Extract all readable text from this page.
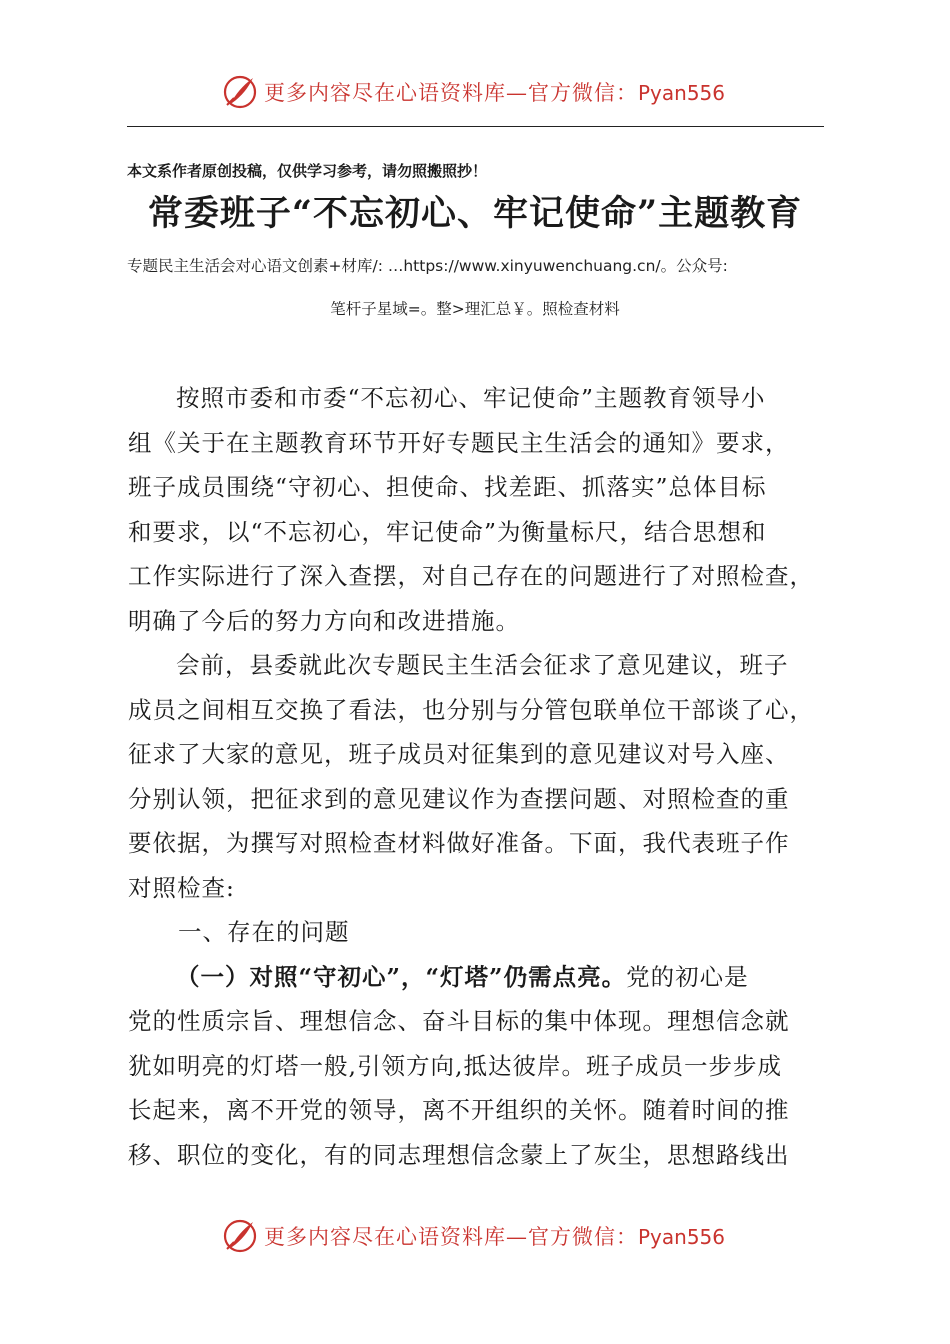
更多内容尽在心语资料库—官方微信：Pyan556
本文系作者原创投稿，仅供学习参考，请勿照搬照抄！
常委班子“不忘初心、牢记使命”主题教育
专题民主生活会对心语文创素+材库/: …https://www.xinyuwenchuang.cn/。公众号:
笔杆子星域=。整>理汇总￥。照检查材料
按照市委和市委“不忘初心、牢记使命”主题教育领导小
组《关于在主题教育环节开好专题民主生活会的通知》要求，
班子成员围绕“守初心、担使命、找差距、抓落实”总体目标
和要求，以“不忘初心，牢记使命”为衡量标尺，结合思想和
工作实际进行了深入查摆，对自己存在的问题进行了对照检查，
明确了今后的努力方向和改进措施。
会前，县委就此次专题民主生活会征求了意见建议，班子
成员之间相互交换了看法，也分别与分管包联单位干部谈了心，
征求了大家的意见，班子成员对征集到的意见建议对号入座、
分别认领，把征求到的意见建议作为查摆问题、对照检查的重
要依据，为撰写对照检查材料做好准备。下面，我代表班子作
对照检查:
一、存在的问题
（一）对照“守初心”，“灯塔”仍需点亮。党的初心是
党的性质宗旨、理想信念、奋斗目标的集中体现。理想信念就
犹如明亮的灯塔一般,引领方向,抵达彼岸。班子成员一步步成
长起来，离不开党的领导，离不开组织的关怀。随着时间的推
移、职位的变化，有的同志理想信念蒙上了灰尘，思想路线出
更多内容尽在心语资料库—官方微信：Pyan556
